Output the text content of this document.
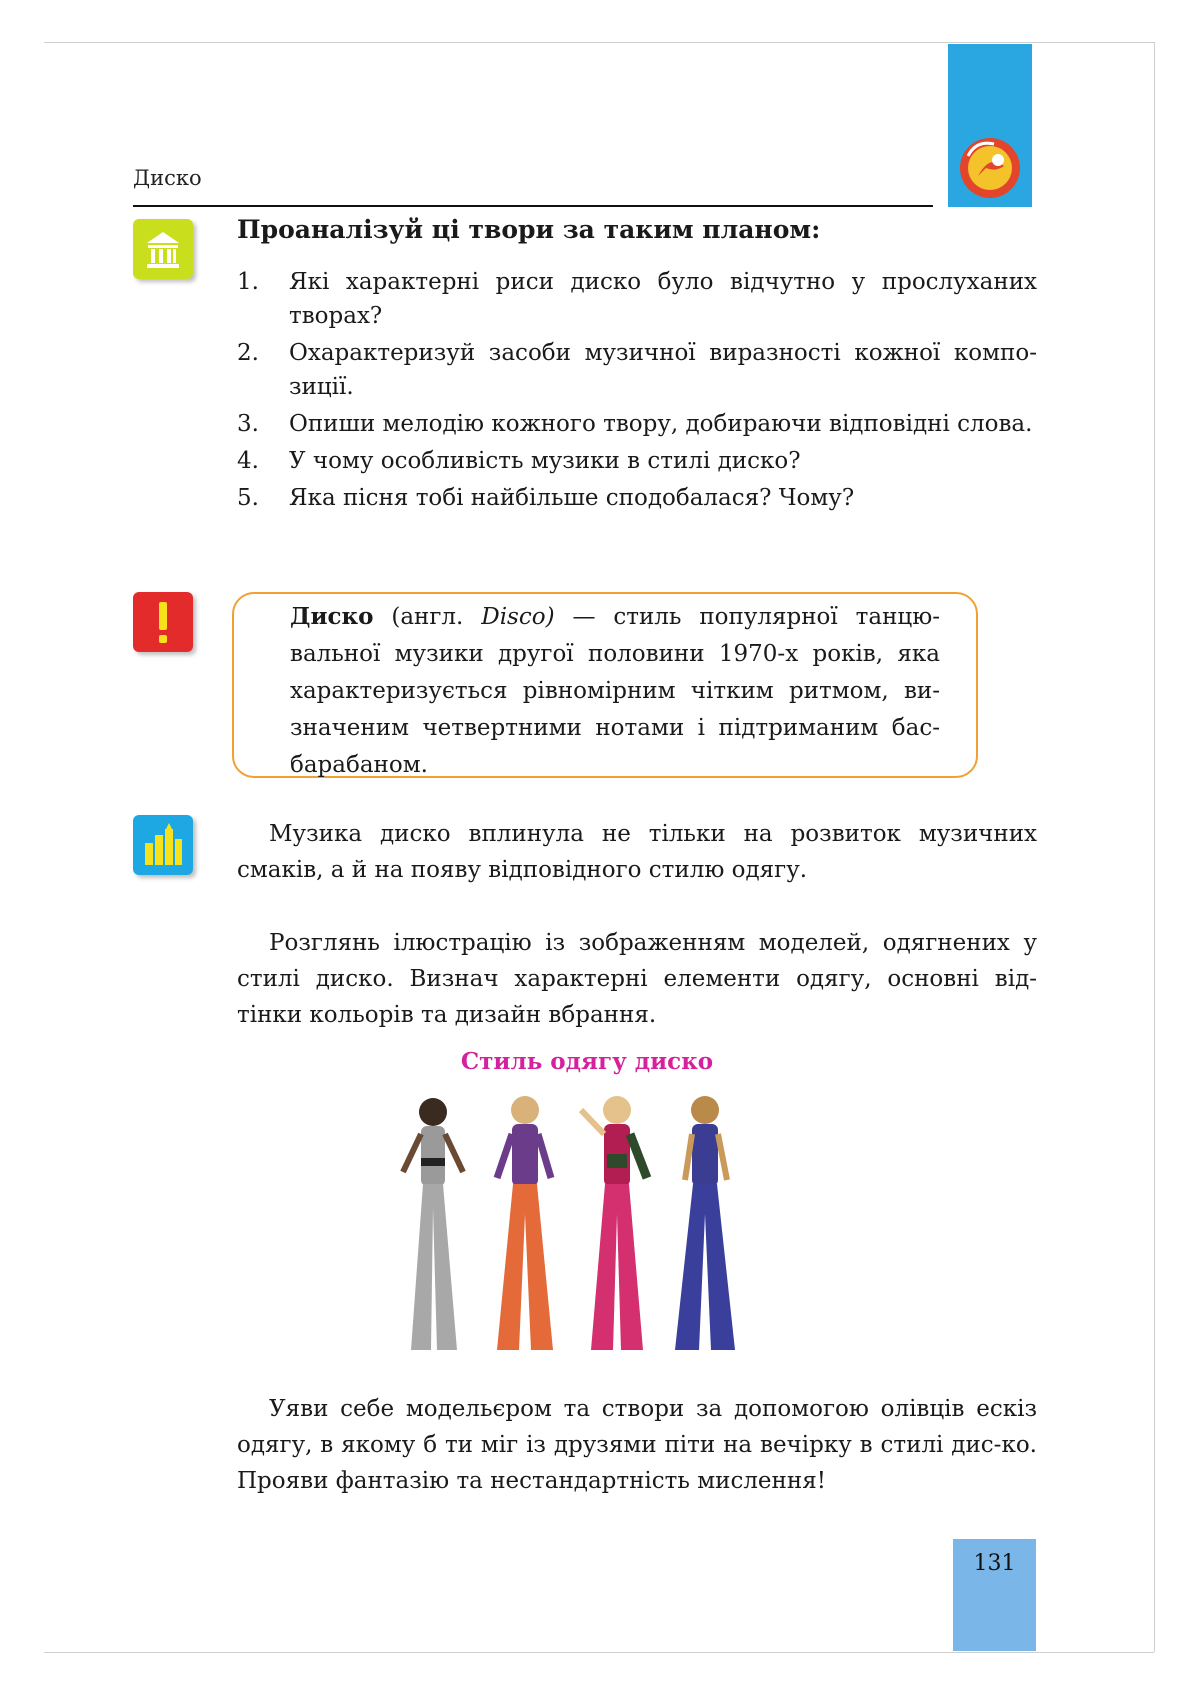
Диско
Проаналізуй ці твори за таким планом:
1.	Які характерні риси диско було відчутно у прослуханих творах?
2.	Охарактеризуй засоби музичної виразності кожної компо-зиції.
3.	Опиши мелодію кожного твору, добираючи відповідні слова.
4.	У чому особливість музики в стилі диско?
5.	Яка пісня тобі найбільше сподобалася? Чому?
Диско (англ. Disco) — стиль популярної танцю-вальної музики другої половини 1970-х років, яка характеризується рівномірним чітким ритмом, ви-значеним четвертними нотами і підтриманим бас-барабаном.
Музика диско вплинула не тільки на розвиток музичних смаків, а й на появу відповідного стилю одягу.
Розглянь ілюстрацію із зображенням моделей, одягнених у стилі диско. Визнач характерні елементи одягу, основні від-тінки кольорів та дизайн вбрання.
Стиль одягу диско
Уяви себе модельєром та створи за допомогою олівців ескіз одягу, в якому б ти міг із друзями піти на вечірку в стилі дис-ко. Прояви фантазію та нестандартність мислення!
131
